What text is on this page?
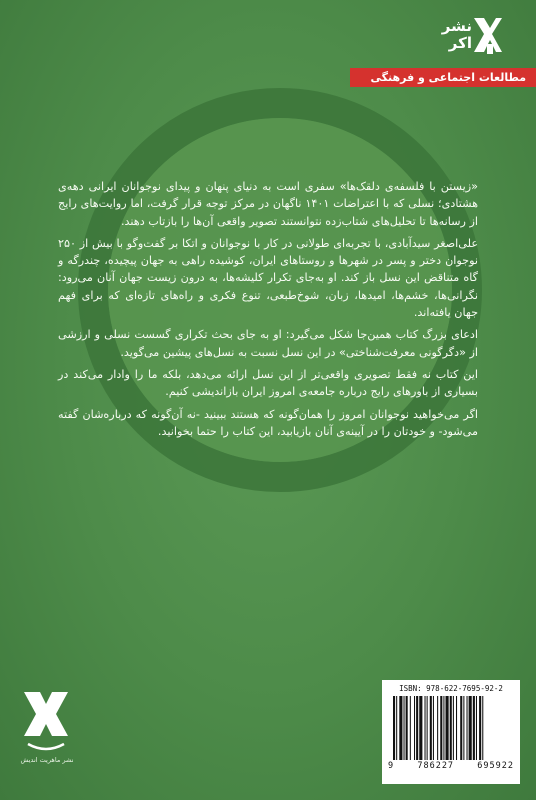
نشر
اکر
مطالعات اجتماعی و فرهنگی

«زیستن با فلسفه‌ی دلقک‌ها» سفری است به دنیای پنهان و پیدای نوجوانان ایرانی دهه‌ی هشتادی؛ نسلی که با اعتراضات ۱۴۰۱ ناگهان در مرکز توجه قرار گرفت، اما روایت‌های رایج از رسانه‌ها تا تحلیل‌های شتاب‌زده نتوانستند تصویر واقعی آن‌ها را بازتاب دهند.

علی‌اصغر سیدآبادی، با تجربه‌ای طولانی در کار با نوجوانان و اتکا بر گفت‌وگو با بیش از ۲۵۰ نوجوان دختر و پسر در شهرها و روستاهای ایران، کوشیده راهی به جهان پیچیده، چندرگه و گاه متناقض این نسل باز کند. او به‌جای تکرار کلیشه‌ها، به درون زیست جهان آنان می‌رود: نگرانی‌ها، خشم‌ها، امیدها، زبان، شوخ‌طبعی، تنوع فکری و راه‌های تازه‌ای که برای فهم جهان یافته‌اند.

ادعای بزرگ کتاب همین‌جا شکل می‌گیرد: او به جای بحث تکراری گسست نسلی و ارزشی از «دگرگونی معرفت‌شناختی» در این نسل نسبت به نسل‌های پیشین می‌گوید.

این کتاب نه فقط تصویری واقعی‌تر از این نسل ارائه می‌دهد، بلکه ما را وادار می‌کند در بسیاری از باورهای رایج درباره جامعه‌ی امروز ایران بازاندیشی کنیم.

اگر می‌خواهید نوجوانان امروز را همان‌گونه که هستند ببینید -نه آن‌گونه که درباره‌شان گفته می‌شود- و خودتان را در آیینه‌ی آنان بازیابید، این کتاب را حتما بخوانید.

نشر ماهریت اندیش
ISBN: 978-622-7695-92-2
9	786227	695922
